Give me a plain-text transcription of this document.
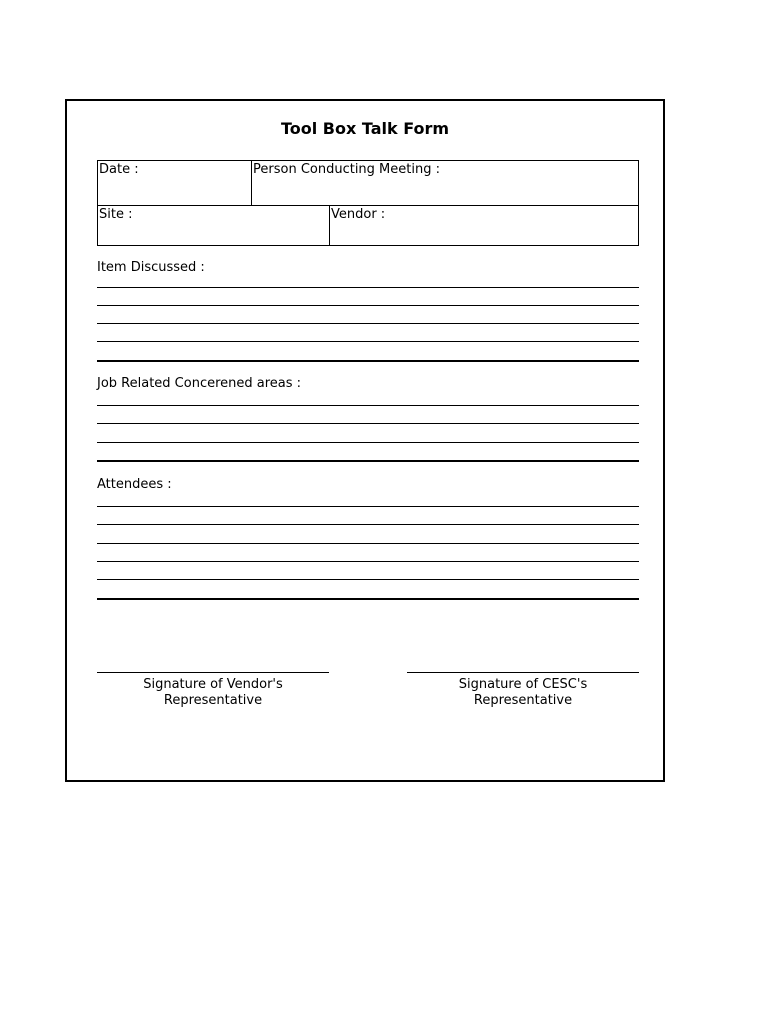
Tool Box Talk Form
Date :	Person Conducting Meeting :
Site :	Vendor :
Item Discussed :
Job Related Concerened areas :
Attendees :
Signature of Vendor's
Representative
Signature of CESC's
Representative
